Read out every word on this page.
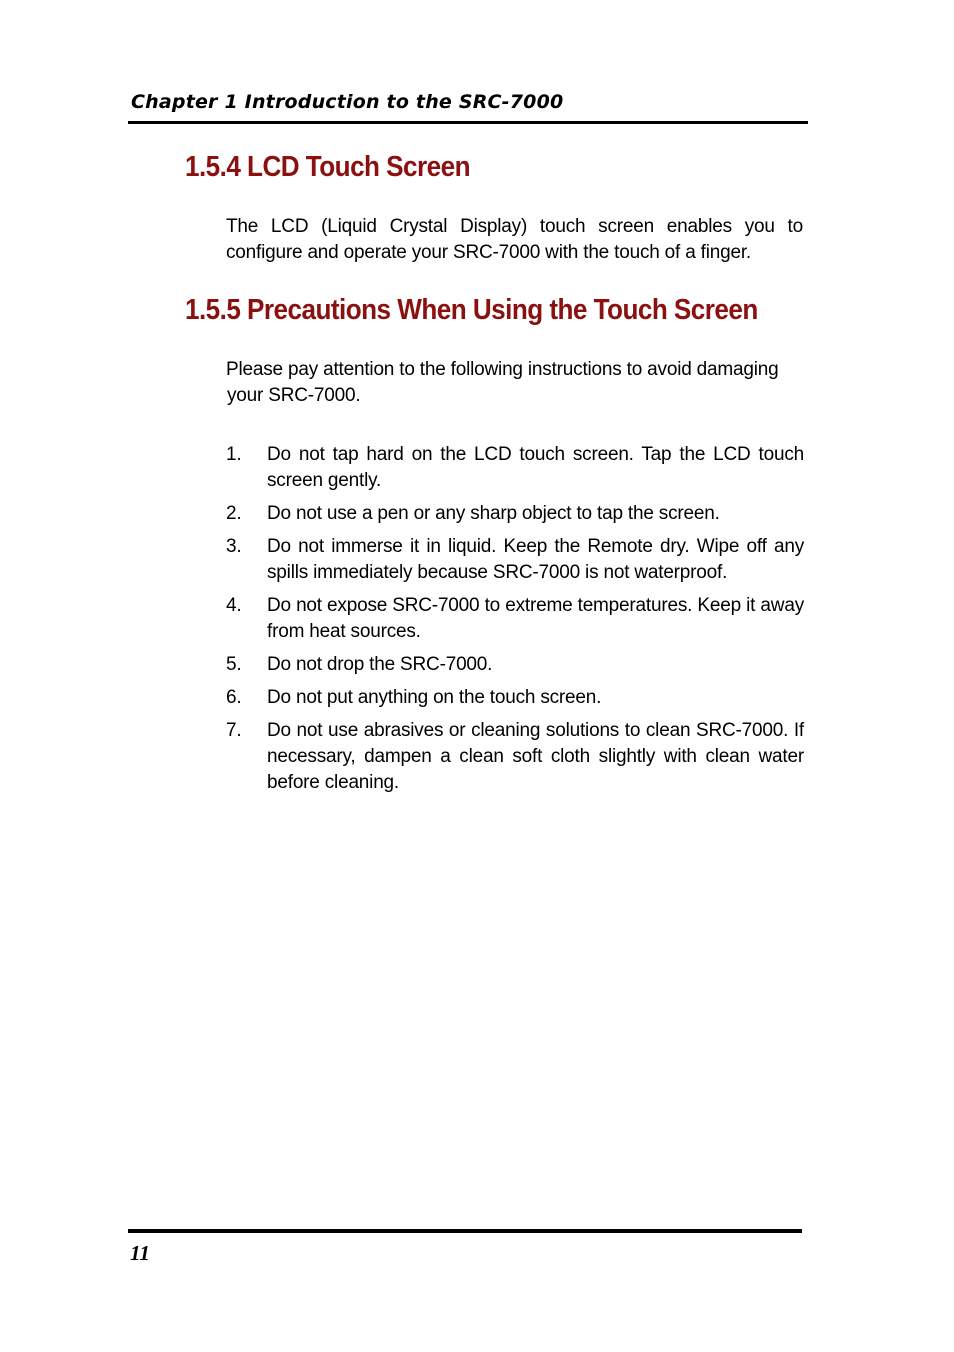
Chapter 1 Introduction to the SRC-7000
1.5.4 LCD Touch Screen

The LCD (Liquid Crystal Display) touch screen enables you to configure and operate your SRC-7000 with the touch of a finger.

1.5.5 Precautions When Using the Touch Screen

Please pay attention to the following instructions to avoid damaging
your SRC-7000.

1. Do not tap hard on the LCD touch screen. Tap the LCD touch screen gently.
2. Do not use a pen or any sharp object to tap the screen.
3. Do not immerse it in liquid. Keep the Remote dry. Wipe off any spills immediately because SRC-7000 is not waterproof.
4. Do not expose SRC-7000 to extreme temperatures. Keep it away from heat sources.
5. Do not drop the SRC-7000.
6. Do not put anything on the touch screen.
7. Do not use abrasives or cleaning solutions to clean SRC-7000. If necessary, dampen a clean soft cloth slightly with clean water before cleaning.
11
